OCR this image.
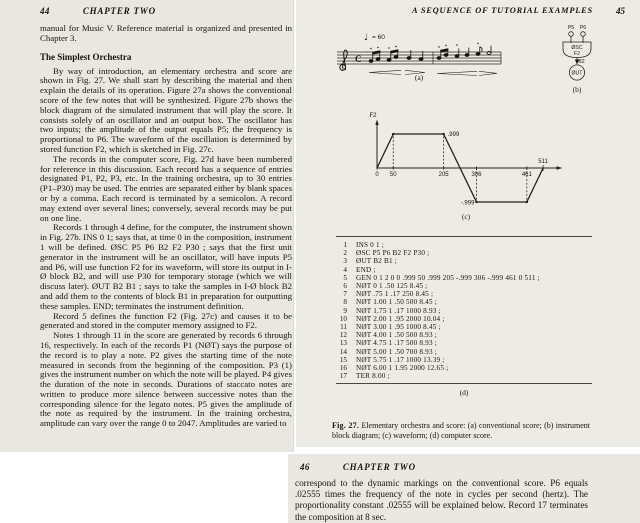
44	CHAPTER TWO

manual for Music V. Reference material is organized and presented in Chapter 3.

The Simplest Orchestra

By way of introduction, an elementary orchestra and score are shown in Fig. 27. We shall start by describing the material and then explain the details of its operation. Figure 27a shows the conventional score of the few notes that will be synthesized. Figure 27b shows the block diagram of the simulated instrument that will play the score. It consists solely of an oscillator and an output box. The oscillator has two inputs; the amplitude of the output equals P5; the frequency is proportional to P6. The waveform of the oscillation is determined by stored function F2, which is sketched in Fig. 27c.

The records in the computer score, Fig. 27d have been numbered for reference in this discussion. Each record has a sequence of entries designated P1, P2, P3, etc. In the training orchestra, up to 30 entries (P1–P30) may be used. The entries are separated either by blank spaces or by a comma. Each record is terminated by a semicolon. A record may extend over several lines; conversely, several records may be put on one line.

Records 1 through 4 define, for the computer, the instrument shown in Fig. 27b. INS 0 1; says that, at time 0 in the composition, instrument 1 will be defined. ØSC P5 P6 B2 F2 P30 ; says that the first unit generator in the instrument will be an oscillator, will have inputs P5 and P6, will use function F2 for its waveform, will store its output in I-Ø block B2, and will use P30 for temporary storage (which we will discuss later). ØUT B2 B1 ; says to take the samples in I-Ø block B2 and add them to the contents of block B1 in preparation for outputting these samples. END; terminates the instrument definition.

Record 5 defines the function F2 (Fig. 27c) and causes it to be generated and stored in the computer memory assigned to F2.

Notes 1 through 11 in the score are generated by records 6 through 16, respectively. In each of the records P1 (NØT) says the purpose of the record is to play a note. P2 gives the starting time of the note measured in seconds from the beginning of the composition. P3 (1) gives the instrument number on which the note will be played. P4 gives the duration of the note in seconds. Durations of staccato notes are written to produce more silence between successive notes than the corresponding silence for the legato notes. P5 gives the amplitude of the note as required by the instrument. In the training orchestra, amplitude can vary over the range 0 to 2047. Amplitudes are varied to

A SEQUENCE OF TUTORIAL EXAMPLES	45
♩ = 60
C
(a)
P5 P6
ØSC
F2
B2
ØUT
(b)
(c)
0 50	205	306	461
511
F2
.999
-.999
1 INS 0 1 ;
2 ØSC P5 P6 B2 F2 P30 ;
3 ØUT B2 B1 ;
4 END ;
5 GEN 0 1 2 0 0 .999 50 .999 205 -.999 306 -.999 461 0 511 ;
6 NØT 0 1 .50 125 8.45 ;
7 NØT .75 1 .17 250 8.45 ;
8 NØT 1.00 1 .50 500 8.45 ;
9 NØT 1.75 1 .17 1000 8.93 ;
10 NØT 2.00 1 .95 2000 10.04 ;
11 NØT 3.00 1 .95 1000 8.45 ;
12 NØT 4.00 1 .50 500 8.93 ;
13 NØT 4.75 1 .17 500 8.93 ;
14 NØT 5.00 1 .50 700 8.93 ;
15 NØT 5.75 1 .17 1000 13.39 ;
16 NØT 6.00 1 1.95 2000 12.65 ;
17 TER 8.00 ;
(d)

Fig. 27. Elementary orchestra and score: (a) conventional score; (b) instrument block diagram; (c) waveform; (d) computer score.

46	CHAPTER TWO

correspond to the dynamic markings on the conventional score. P6 equals .02555 times the frequency of the note in cycles per second (hertz). The proportionality constant .02555 will be explained below. Record 17 terminates the composition at 8 sec.
